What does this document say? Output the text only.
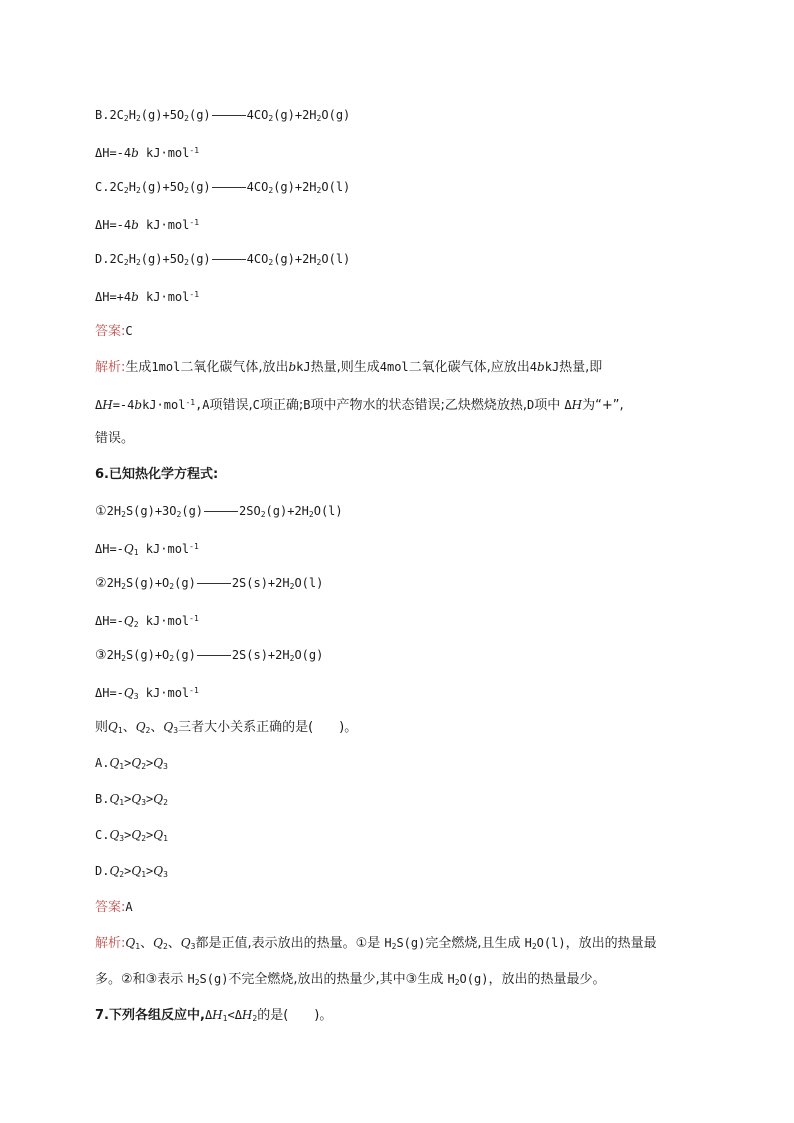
$B.2C_2H_2(g)+5O_2(g)$	$4CO_2(g)+2H_2O(g)$
ΔH=-4b kJ·mol$^{-1}$
$C.2C_2H_2(g)+5O_2(g)$	$4CO_2(g)+2H_2O(l)$
ΔH=-4b kJ·mol$^{-1}$
$D.2C_2H_2(g)+5O_2(g)$	$4CO_2(g)+2H_2O(l)$
ΔH=+4b kJ·mol$^{-1}$
答案:C
解析:生成1mol二氧化碳气体,放出bkJ热量,则生成4mol二氧化碳气体,应放出4bkJ热量,即
ΔH=-4bkJ·mol$^{-1}$,A项错误,C项正确;B项中产物水的状态错误;乙炔燃烧放热,D项中 ΔH为“+”,
错误。
6.已知热化学方程式:
$①2H_2S(g)+3O_2(g)$	$2SO_2(g)+2H_2O(l)$
$\Delta H=-Q_1$ kJ·mol$^{-1}$
$②2H_2S(g)+O_2(g)$	$2S(s)+2H_2O(l)$
$\Delta H=-Q_2$ kJ·mol$^{-1}$
$③2H_2S(g)+O_2(g)$	$2S(s)+2H_2O(g)$
$\Delta H=-Q_3$ kJ·mol$^{-1}$
则$Q_1$、$Q_2$、$Q_3$三者大小关系正确的是(　　)。
$A.Q_1>Q_2>Q_3$
$B.Q_1>Q_3>Q_2$
$C.Q_3>Q_2>Q_1$
$D.Q_2>Q_1>Q_3$
答案:A
解析$:Q_1$、$Q_2$、$Q_3$都是正值,表示放出的热量。①是 $H_2S(g)$完全燃烧,且生成 $H_2O(l)$，放出的热量最
多。②和③表示 $H_2S(g)$不完全燃烧,放出的热量少,其中③生成 $H_2O(g)$，放出的热量最少。
7.下列各组反应中$,\Delta H_1<\Delta H_2$的是(　　)。
